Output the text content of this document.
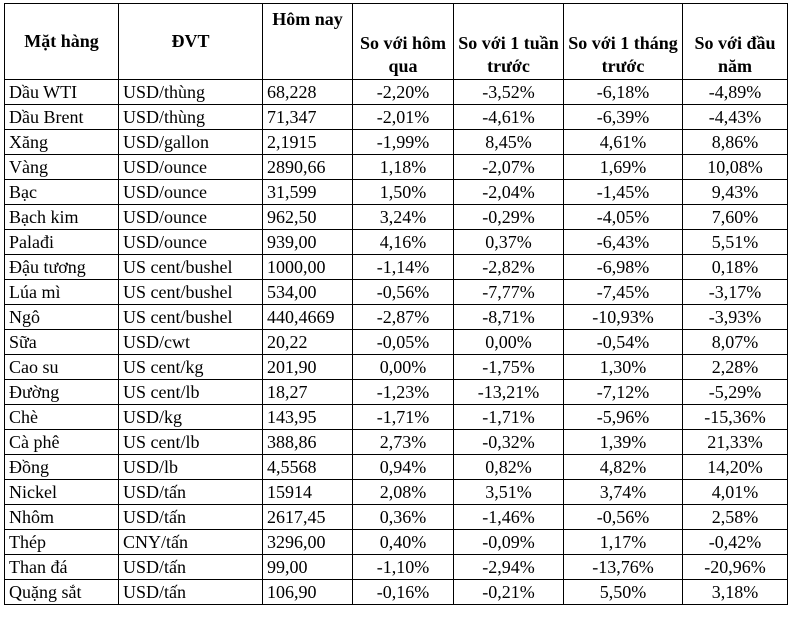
Mặt hàng	ĐVT	Hôm nay	So với hôm qua	So với 1 tuần trước	So với 1 tháng trước	So với đầu năm
Dầu WTI	USD/thùng	68,228	-2,20%	-3,52%	-6,18%	-4,89%
Dầu Brent	USD/thùng	71,347	-2,01%	-4,61%	-6,39%	-4,43%
Xăng	USD/gallon	2,1915	-1,99%	8,45%	4,61%	8,86%
Vàng	USD/ounce	2890,66	1,18%	-2,07%	1,69%	10,08%
Bạc	USD/ounce	31,599	1,50%	-2,04%	-1,45%	9,43%
Bạch kim	USD/ounce	962,50	3,24%	-0,29%	-4,05%	7,60%
Palađi	USD/ounce	939,00	4,16%	0,37%	-6,43%	5,51%
Đậu tương	US cent/bushel	1000,00	-1,14%	-2,82%	-6,98%	0,18%
Lúa mì	US cent/bushel	534,00	-0,56%	-7,77%	-7,45%	-3,17%
Ngô	US cent/bushel	440,4669	-2,87%	-8,71%	-10,93%	-3,93%
Sữa	USD/cwt	20,22	-0,05%	0,00%	-0,54%	8,07%
Cao su	US cent/kg	201,90	0,00%	-1,75%	1,30%	2,28%
Đường	US cent/lb	18,27	-1,23%	-13,21%	-7,12%	-5,29%
Chè	USD/kg	143,95	-1,71%	-1,71%	-5,96%	-15,36%
Cà phê	US cent/lb	388,86	2,73%	-0,32%	1,39%	21,33%
Đồng	USD/lb	4,5568	0,94%	0,82%	4,82%	14,20%
Nickel	USD/tấn	15914	2,08%	3,51%	3,74%	4,01%
Nhôm	USD/tấn	2617,45	0,36%	-1,46%	-0,56%	2,58%
Thép	CNY/tấn	3296,00	0,40%	-0,09%	1,17%	-0,42%
Than đá	USD/tấn	99,00	-1,10%	-2,94%	-13,76%	-20,96%
Quặng sắt	USD/tấn	106,90	-0,16%	-0,21%	5,50%	3,18%
